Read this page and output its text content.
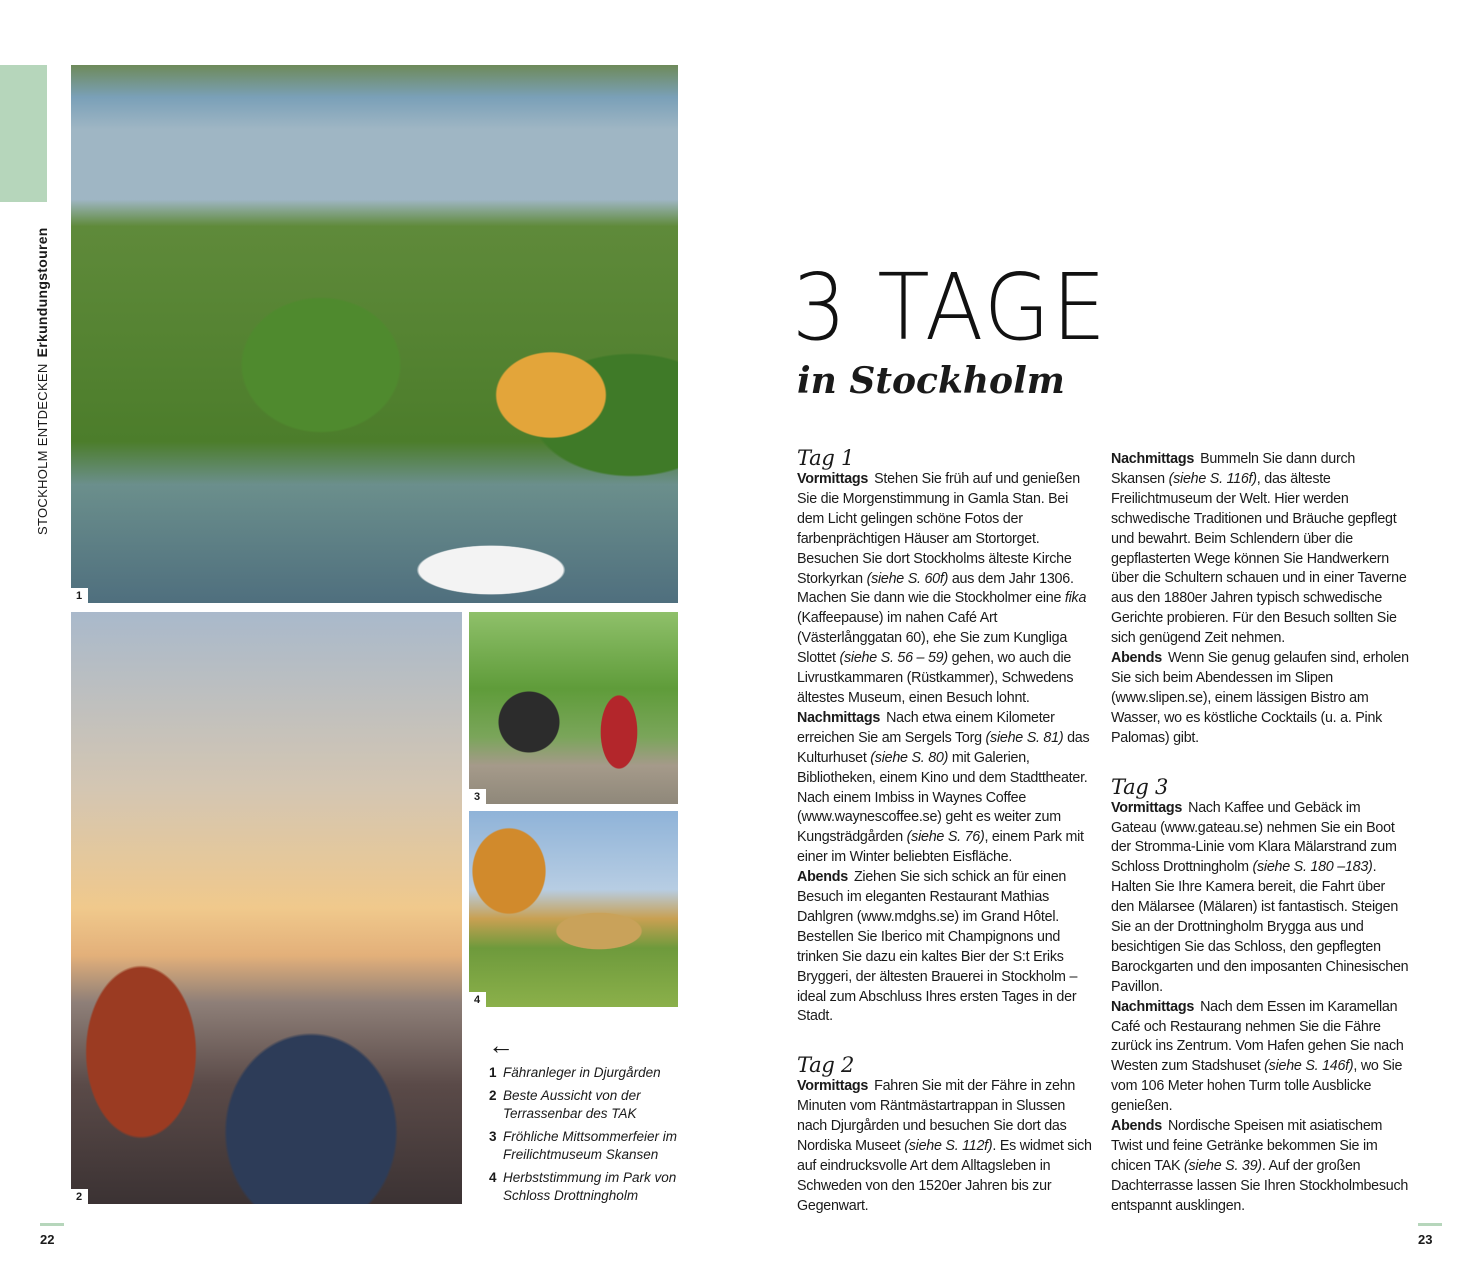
STOCKHOLM ENTDECKENErkundungstouren
1
2
3
4
←
1 Fähranleger in Djurgården
2 Beste Aussicht von der Terrassenbar des TAK
3 Fröhliche Mittsommerfeier im Freilichtmuseum Skansen
4 Herbststimmung im Park von Schloss Drottningholm
22	23
3 TAGE
in Stockholm
Tag 1

Vormittags Stehen Sie früh auf und genießen Sie die Morgenstimmung in Gamla Stan. Bei dem Licht gelingen schöne Fotos der farbenprächtigen Häuser am Stortorget. Besuchen Sie dort Stockholms älteste Kirche Storkyrkan (siehe S. 60f) aus dem Jahr 1306. Machen Sie dann wie die Stockholmer eine fika (Kaffeepause) im nahen Café Art (Västerlånggatan 60), ehe Sie zum Kungliga Slottet (siehe S. 56 – 59) gehen, wo auch die Livrustkammaren (Rüstkammer), Schwedens ältestes Museum, einen Besuch lohnt.

Nachmittags Nach etwa einem Kilometer erreichen Sie am Sergels Torg (siehe S. 81) das Kulturhuset (siehe S. 80) mit Galerien, Bibliotheken, einem Kino und dem Stadttheater. Nach einem Imbiss in Waynes Coffee (www.waynescoffee.se) geht es weiter zum Kungsträdgården (siehe S. 76), einem Park mit einer im Winter beliebten Eisfläche.

Abends Ziehen Sie sich schick an für einen Besuch im eleganten Restaurant Mathias Dahlgren (www.mdghs.se) im Grand Hôtel. Bestellen Sie Iberico mit Champignons und trinken Sie dazu ein kaltes Bier der S:t Eriks Bryggeri, der ältesten Brauerei in Stockholm – ideal zum Abschluss Ihres ersten Tages in der Stadt.

Tag 2

Vormittags Fahren Sie mit der Fähre in zehn Minuten vom Räntmästartrappan in Slussen nach Djurgården und besuchen Sie dort das Nordiska Museet (siehe S. 112f). Es widmet sich auf eindrucksvolle Art dem Alltagsleben in Schweden von den 1520er Jahren bis zur Gegenwart.

Nachmittags Bummeln Sie dann durch Skansen (siehe S. 116f), das älteste Freilichtmuseum der Welt. Hier werden schwedische Traditionen und Bräuche gepflegt und bewahrt. Beim Schlendern über die gepflasterten Wege können Sie Handwerkern über die Schultern schauen und in einer Taverne aus den 1880er Jahren typisch schwedische Gerichte probieren. Für den Besuch sollten Sie sich genügend Zeit nehmen.

Abends Wenn Sie genug gelaufen sind, erholen Sie sich beim Abendessen im Slipen (www.slipen.se), einem lässigen Bistro am Wasser, wo es köstliche Cocktails (u. a. Pink Palomas) gibt.

Tag 3

Vormittags Nach Kaffee und Gebäck im Gateau (www.gateau.se) nehmen Sie ein Boot der Stromma-Linie vom Klara Mälarstrand zum Schloss Drottningholm (siehe S. 180 –183). Halten Sie Ihre Kamera bereit, die Fahrt über den Mälarsee (Mälaren) ist fantastisch. Steigen Sie an der Drottningholm Brygga aus und besichtigen Sie das Schloss, den gepflegten Barockgarten und den imposanten Chinesischen Pavillon.

Nachmittags Nach dem Essen im Karamellan Café och Restaurang nehmen Sie die Fähre zurück ins Zentrum. Vom Hafen gehen Sie nach Westen zum Stadshuset (siehe S. 146f), wo Sie vom 106 Meter hohen Turm tolle Ausblicke genießen.

Abends Nordische Speisen mit asiatischem Twist und feine Getränke bekommen Sie im chicen TAK (siehe S. 39). Auf der großen Dachterrasse lassen Sie Ihren Stockholmbesuch entspannt ausklingen.
